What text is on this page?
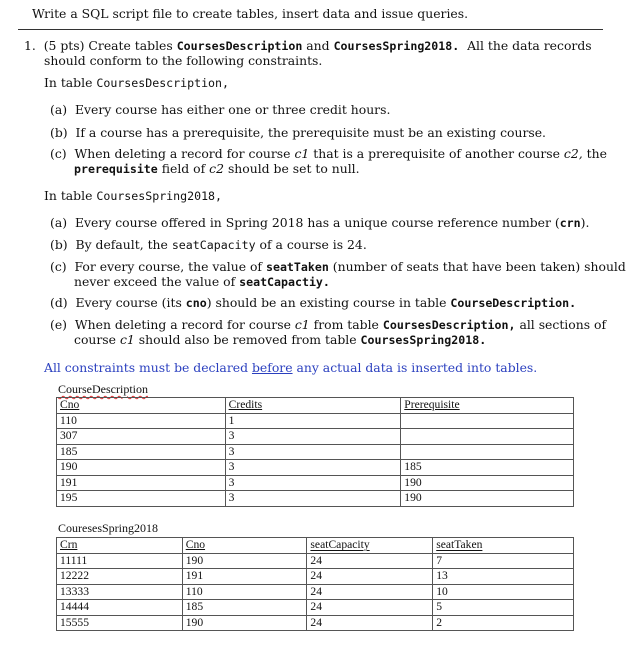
Write a SQL script file to create tables, insert data and issue queries.
1. (5 pts) Create tables CoursesDescription and CoursesSpring2018. All the data records
should conform to the following constraints.
In table CoursesDescription,
(a) Every course has either one or three credit hours.
(b) If a course has a prerequisite, the prerequisite must be an existing course.
(c) When deleting a record for course c1 that is a prerequisite of another course c2, the
prerequisite field of c2 should be set to null.
In table CoursesSpring2018,
(a) Every course offered in Spring 2018 has a unique course reference number (crn).
(b) By default, the seatCapacity of a course is 24.
(c) For every course, the value of seatTaken (number of seats that have been taken) should
never exceed the value of seatCapactiy.
(d) Every course (its cno) should be an existing course in table CourseDescription.
(e) When deleting a record for course c1 from table CoursesDescription, all sections of
course c1 should also be removed from table CoursesSpring2018.
All constraints must be declared before any actual data is inserted into tables.
CourseDescription
Cno	Credits	Prerequisite
110	1	
307	3	
185	3	
190	3	185
191	3	190
195	3	190
CouresesSpring2018
Crn	Cno	seatCapacity	seatTaken
11111	190	24	7
12222	191	24	13
13333	110	24	10
14444	185	24	5
15555	190	24	2
